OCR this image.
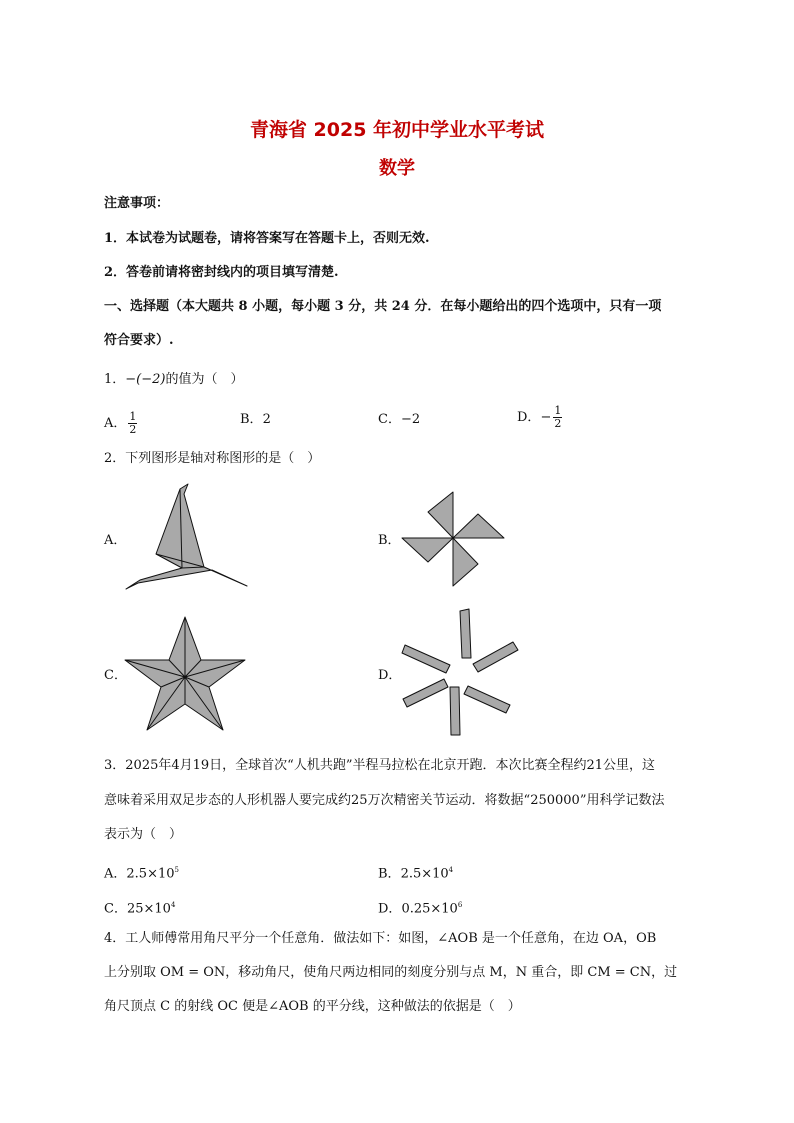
青海省 2025 年初中学业水平考试
数学
注意事项：
1．本试卷为试题卷，请将答案写在答题卡上，否则无效.
2．答卷前请将密封线内的项目填写清楚.
一、选择题（本大题共 8 小题，每小题 3 分，共 24 分．在每小题给出的四个选项中，只有一项
符合要求）.
1．−(−2)的值为（　）
A． $\frac{1}{2}$	C．−2
B．2	D．− $\frac{1}{2}$
2．下列图形是轴对称图形的是（　）
A．	B．
C．	D．
3．2025年4月19日，全球首次“人机共跑”半程马拉松在北京开跑．本次比赛全程约21公里，这
意味着采用双足步态的人形机器人要完成约25万次精密关节运动．将数据“250000”用科学记数法
表示为（　）
A．$2.5\times 10^5$	B．$2.5\times 10^4$
C．$25\times 10^4$	D．$0.25\times 10^6$
4．工人师傅常用角尺平分一个任意角．做法如下：如图，∠AOB 是一个任意角，在边 OA，OB
上分别取 OM = ON，移动角尺，使角尺两边相同的刻度分别与点 M，N 重合，即 CM = CN，过
角尺顶点 C 的射线 OC 便是∠AOB 的平分线，这种做法的依据是（　）
